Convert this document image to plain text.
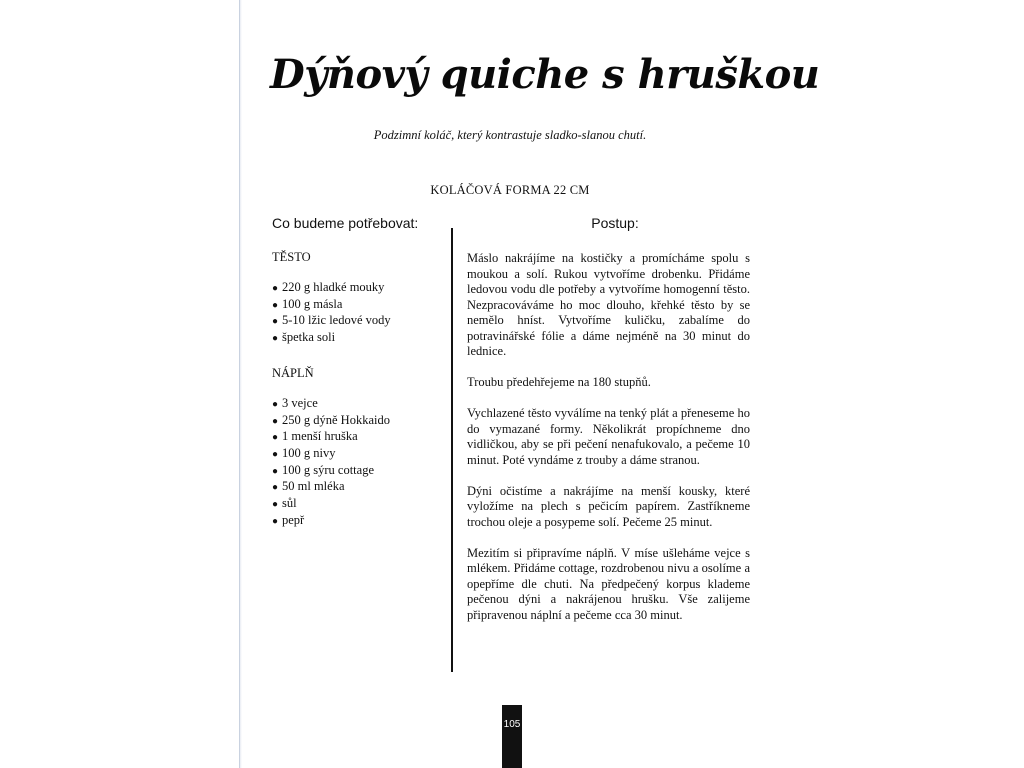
Dýňový quiche s hruškou
Podzimní koláč, který kontrastuje sladko-slanou chutí.
KOLÁČOVÁ FORMA 22 CM
Co budeme potřebovat:
TĚSTO
● 220 g hladké mouky
● 100 g másla
● 5-10 lžic ledové vody
● špetka soli
NÁPLŇ
● 3 vejce
● 250 g dýně Hokkaido
● 1 menší hruška
● 100 g nivy
● 100 g sýru cottage
● 50 ml mléka
● sůl
● pepř
Postup:

Máslo nakrájíme na kostičky a promícháme spolu s moukou a solí. Rukou vytvoříme drobenku. Přidáme ledovou vodu dle potřeby a vytvoříme homogenní těsto. Nezpracováváme ho moc dlouho, křehké těsto by se nemělo hníst. Vytvoříme kuličku, zabalíme do potravinářské fólie a dáme nejméně na 30 minut do lednice.

Troubu předehřejeme na 180 stupňů.

Vychlazené těsto vyválíme na tenký plát a přeneseme ho do vymazané formy. Několikrát propíchneme dno vidličkou, aby se při pečení nenafukovalo, a pečeme 10 minut. Poté vyndáme z trouby a dáme stranou.

Dýni očistíme a nakrájíme na menší kousky, které vyložíme na plech s pečicím papírem. Zastříkneme trochou oleje a posypeme solí. Pečeme 25 minut.

Mezitím si připravíme náplň. V míse ušleháme vejce s mlékem. Přidáme cottage, rozdrobenou nivu a osolíme a opepříme dle chuti. Na předpečený korpus klademe pečenou dýni a nakrájenou hrušku. Vše zalijeme připravenou náplní a pečeme cca 30 minut.

105
